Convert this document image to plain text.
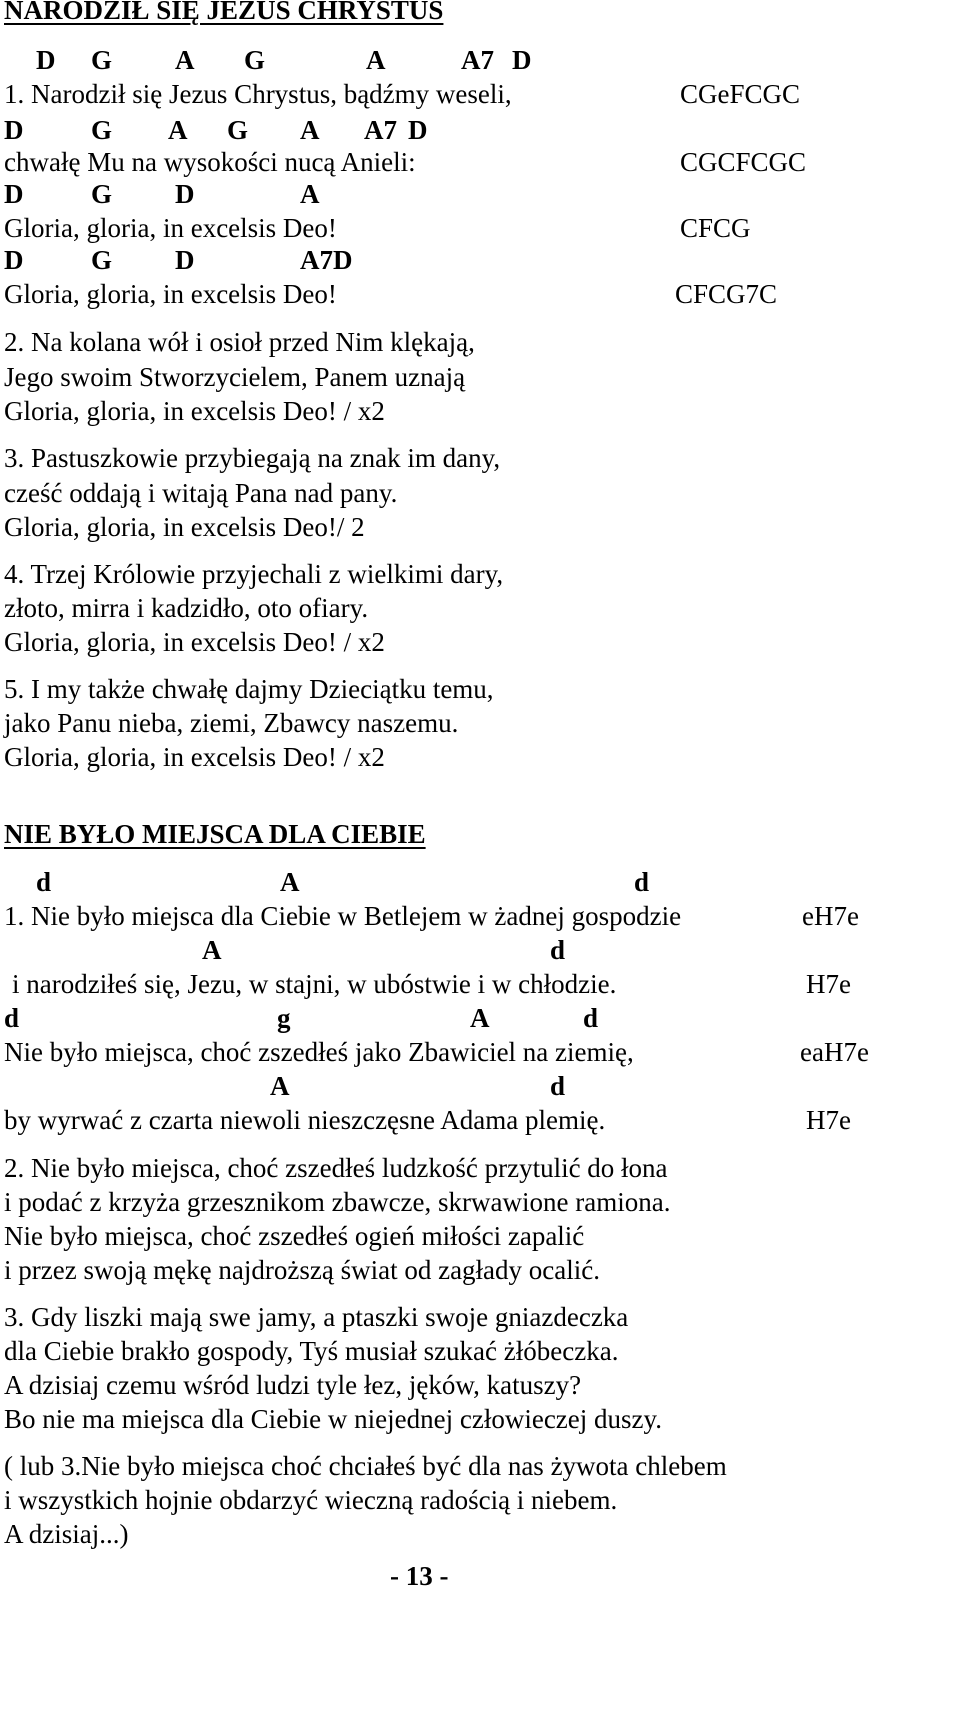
NARODZIŁ SIĘ JEZUS CHRYSTUS
D G A G	A	A7 D
1. Narodził się Jezus Chrystus, bądźmy weseli,	CGeFCGC
D	G A G A A7 D
chwałę Mu na wysokości nucą Anieli:	CGCFCGC
D	G D	A
Gloria, gloria, in excelsis Deo!	CFCG
D	G D	A7D
Gloria, gloria, in excelsis Deo!	CFCG7C
2. Na kolana wół i osioł przed Nim klękają,
Jego swoim Stworzycielem, Panem uznają
Gloria, gloria, in excelsis Deo! / x2
3. Pastuszkowie przybiegają na znak im dany,
cześć oddają i witają Pana nad pany.
Gloria, gloria, in excelsis Deo!/ 2
4. Trzej Królowie przyjechali z wielkimi dary,
złoto, mirra i kadzidło, oto ofiary.
Gloria, gloria, in excelsis Deo! / x2
5. I my także chwałę dajmy Dzieciątku temu,
jako Panu nieba, ziemi, Zbawcy naszemu.
Gloria, gloria, in excelsis Deo! / x2
NIE BYŁO MIEJSCA DLA CIEBIE
d	A	d
1. Nie było miejsca dla Ciebie w Betlejem w żadnej gospodzie	eH7e
A	d
i narodziłeś się, Jezu, w stajni, w ubóstwie i w chłodzie.	H7e
d	g	A	d
Nie było miejsca, choć zszedłeś jako Zbawiciel na ziemię,	eaH7e
A	d
by wyrwać z czarta niewoli nieszczęsne Adama plemię.	H7e
2. Nie było miejsca, choć zszedłeś ludzkość przytulić do łona
i podać z krzyża grzesznikom zbawcze, skrwawione ramiona.
Nie było miejsca, choć zszedłeś ogień miłości zapalić
i przez swoją mękę najdroższą świat od zagłady ocalić.
3. Gdy liszki mają swe jamy, a ptaszki swoje gniazdeczka
dla Ciebie brakło gospody, Tyś musiał szukać żłóbeczka.
A dzisiaj czemu wśród ludzi tyle łez, jęków, katuszy?
Bo nie ma miejsca dla Ciebie w niejednej człowieczej duszy.
( lub 3.Nie było miejsca choć chciałeś być dla nas żywota chlebem
i wszystkich hojnie obdarzyć wieczną radością i niebem.
A dzisiaj...)
- 13 -
